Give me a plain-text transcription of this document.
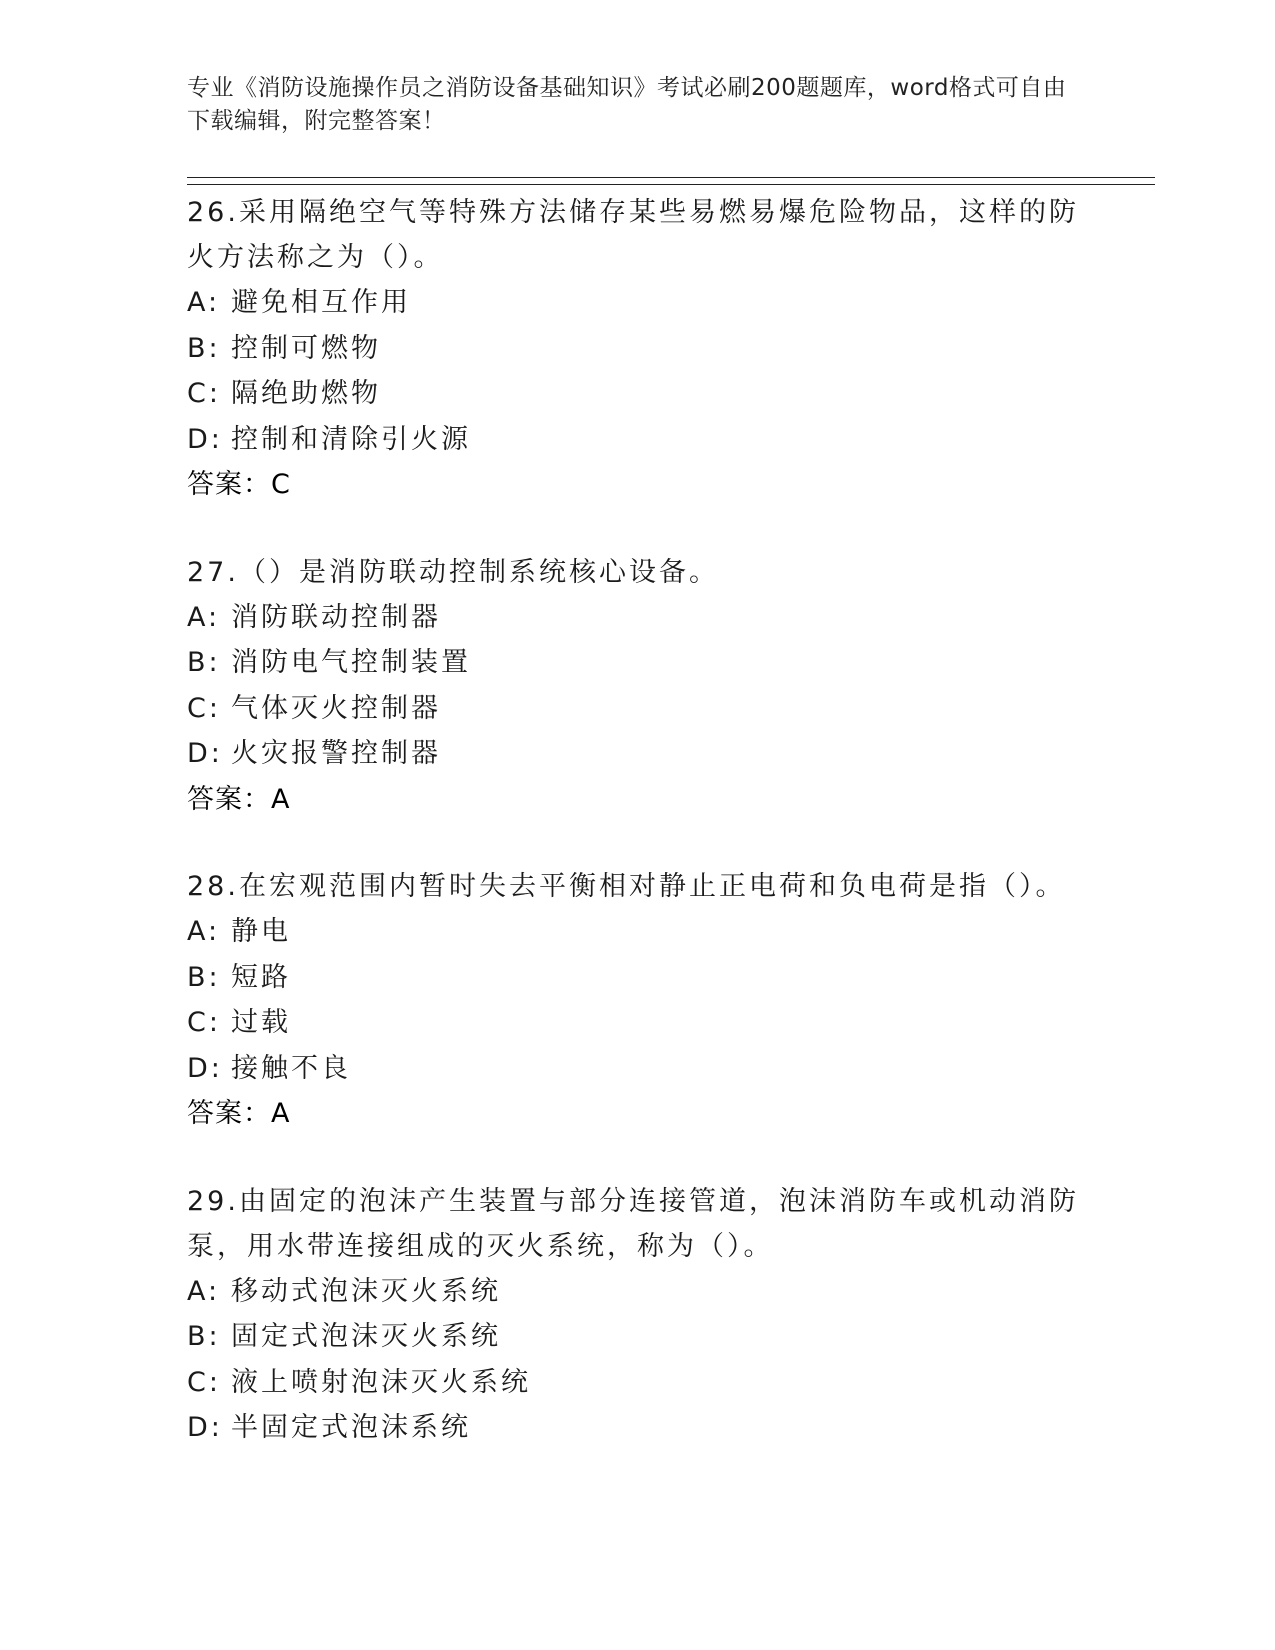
专业《消防设施操作员之消防设备基础知识》考试必刷200题题库，word格式可自由下载编辑，附完整答案！

26.采用隔绝空气等特殊方法储存某些易燃易爆危险物品，这样的防火方法称之为（）。

A: 避免相互作用
B: 控制可燃物
C: 隔绝助燃物
D: 控制和清除引火源

答案：C

27.（）是消防联动控制系统核心设备。

A: 消防联动控制器
B: 消防电气控制装置
C: 气体灭火控制器
D: 火灾报警控制器

答案：A

28.在宏观范围内暂时失去平衡相对静止正电荷和负电荷是指（）。

A: 静电
B: 短路
C: 过载
D: 接触不良

答案：A

29.由固定的泡沫产生装置与部分连接管道，泡沫消防车或机动消防泵，用水带连接组成的灭火系统，称为（）。

A: 移动式泡沫灭火系统
B: 固定式泡沫灭火系统
C: 液上喷射泡沫灭火系统
D: 半固定式泡沫系统
